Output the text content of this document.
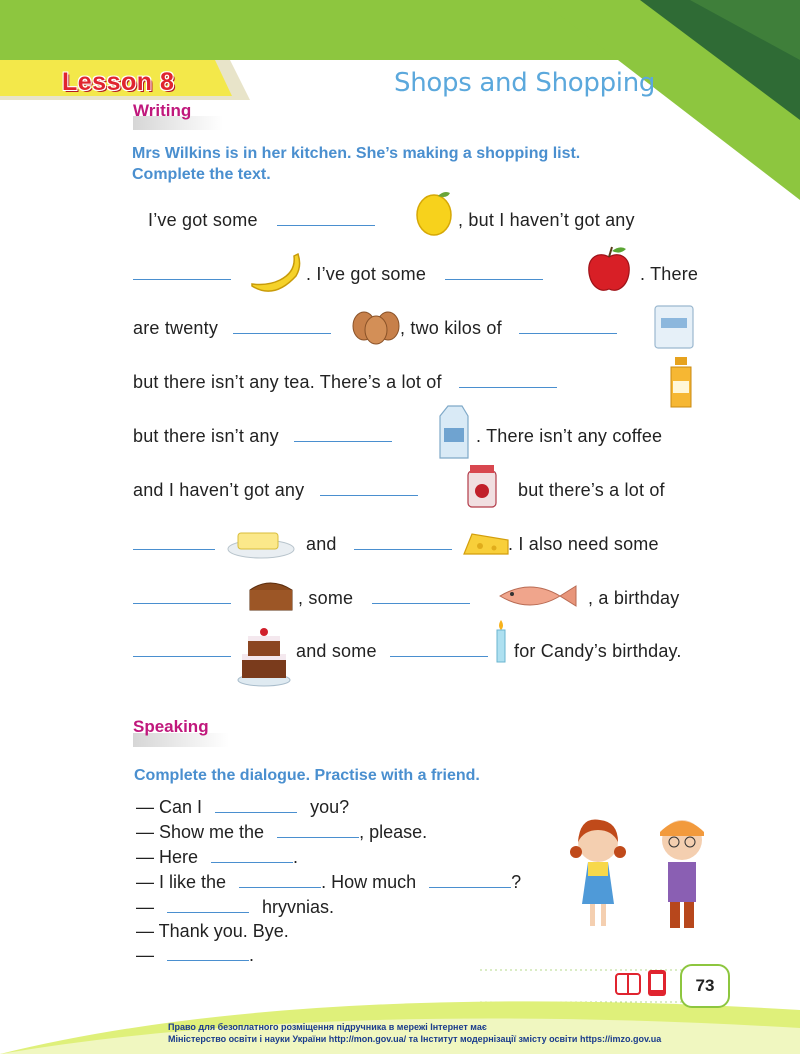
Lesson 8	Shops and Shopping
Writing
Mrs Wilkins is in her kitchen. She’s making a shopping list.
Complete the text.
I’ve got some	, but I haven’t got any
. I’ve got some	. There
are twenty	, two kilos of
but there isn’t any tea. There’s a lot of
but there isn’t any	. There isn’t any coffee
and I haven’t got any	but there’s a lot of
and	. I also need some
, some	, a birthday
and some	for Candy’s birthday.
Speaking
Complete the dialogue. Practise with a friend.
— Can I	you?
— Show me the	, please.
— Here	.
— I like the	. How much	?
—	hryvnias.
— Thank you. Bye.
—	.
73
Право для безоплатного розміщення підручника в мережі Інтернет має
Міністерство освіти і науки України http://mon.gov.ua/ та Інститут модернізації змісту освіти https://imzo.gov.ua
